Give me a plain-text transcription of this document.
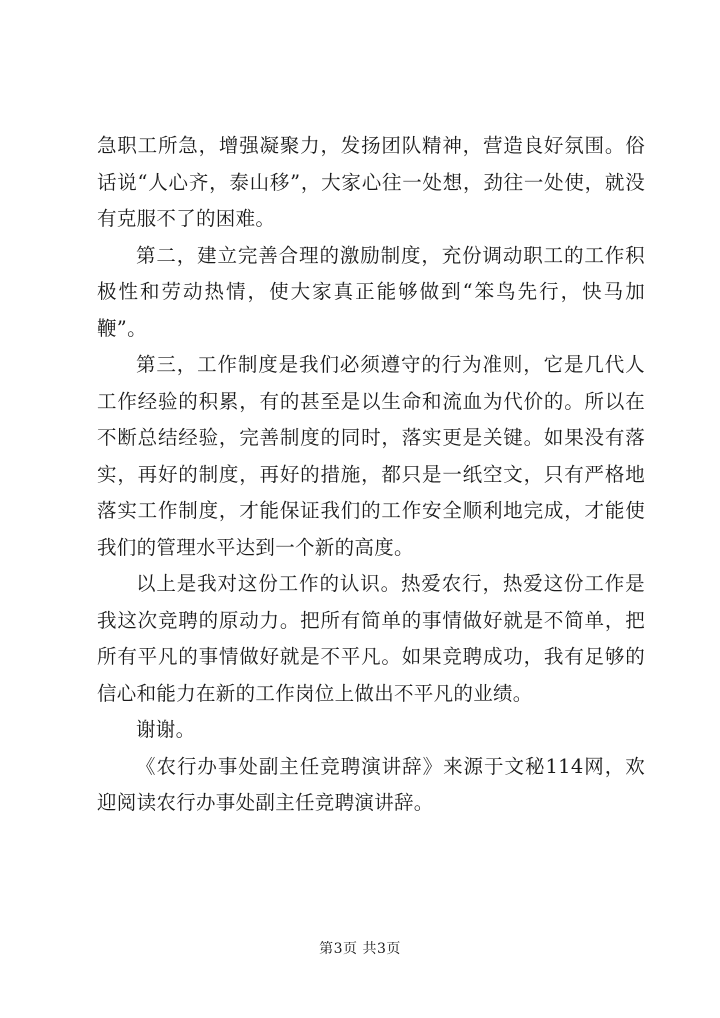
急职工所急，增强凝聚力，发扬团队精神，营造良好氛围。俗话说“人心齐，泰山移”，大家心往一处想，劲往一处使，就没有克服不了的困难。

第二，建立完善合理的激励制度，充份调动职工的工作积极性和劳动热情，使大家真正能够做到“笨鸟先行，快马加鞭”。

第三，工作制度是我们必须遵守的行为准则，它是几代人工作经验的积累，有的甚至是以生命和流血为代价的。所以在不断总结经验，完善制度的同时，落实更是关键。如果没有落实，再好的制度，再好的措施，都只是一纸空文，只有严格地落实工作制度，才能保证我们的工作安全顺利地完成，才能使我们的管理水平达到一个新的高度。

以上是我对这份工作的认识。热爱农行，热爱这份工作是我这次竞聘的原动力。把所有简单的事情做好就是不简单，把所有平凡的事情做好就是不平凡。如果竞聘成功，我有足够的信心和能力在新的工作岗位上做出不平凡的业绩。

谢谢。

《农行办事处副主任竞聘演讲辞》来源于文秘114网，欢迎阅读农行办事处副主任竞聘演讲辞。

第3页 共3页
